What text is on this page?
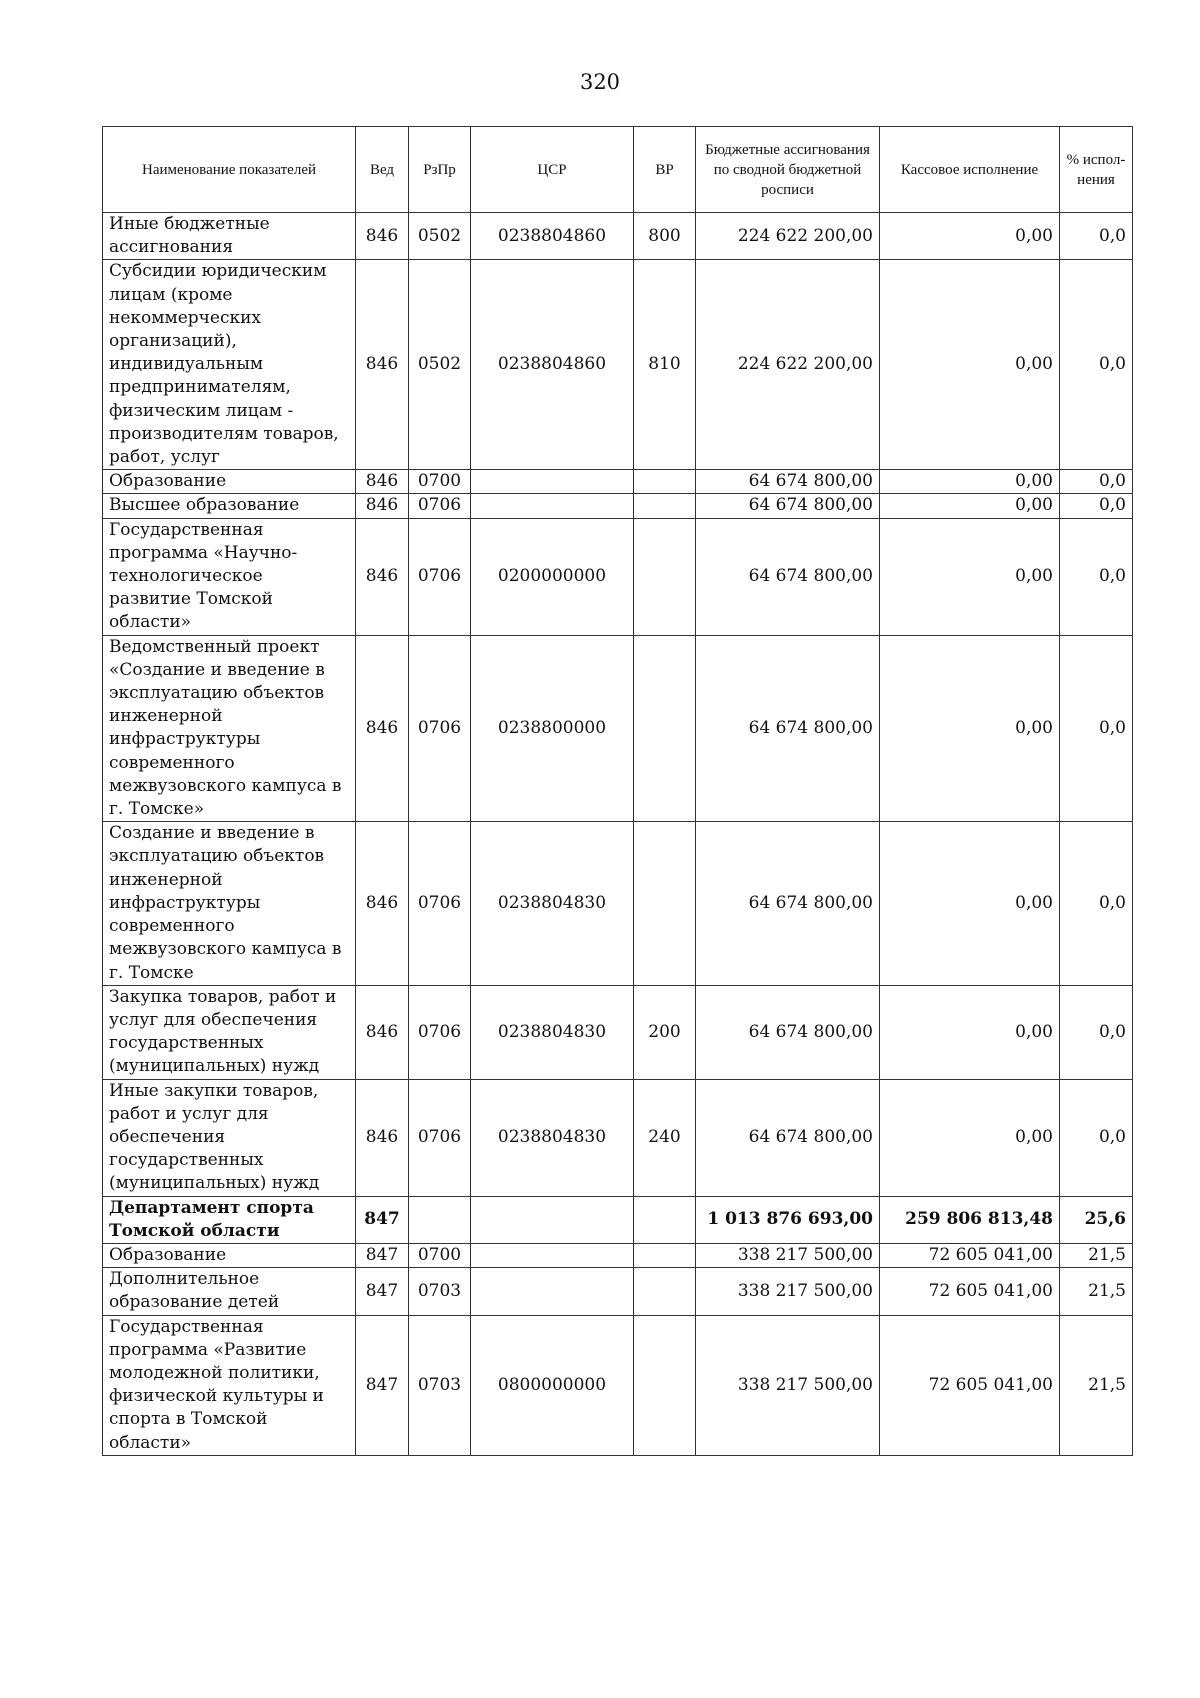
320
Наименование показателей	Вед	РзПр	ЦСР	ВР	Бюджетные ассигнования по сводной бюджетной росписи	Кассовое исполнение	% испол-нения
Иные бюджетные ассигнования	846	0502	0238804860	800	224 622 200,00	0,00	0,0
Субсидии юридическим лицам (кроме некоммерческих организаций), индивидуальным предпринимателям, физическим лицам - производителям товаров, работ, услуг	846	0502	0238804860	810	224 622 200,00	0,00	0,0
Образование	846	0700			64 674 800,00	0,00	0,0
Высшее образование	846	0706			64 674 800,00	0,00	0,0
Государственная программа «Научно-технологическое развитие Томской области»	846	0706	0200000000		64 674 800,00	0,00	0,0
Ведомственный проект «Создание и введение в эксплуатацию объектов инженерной инфраструктуры современного межвузовского кампуса в г. Томске»	846	0706	0238800000		64 674 800,00	0,00	0,0
Создание и введение в эксплуатацию объектов инженерной инфраструктуры современного межвузовского кампуса в г. Томске	846	0706	0238804830		64 674 800,00	0,00	0,0
Закупка товаров, работ и услуг для обеспечения государственных (муниципальных) нужд	846	0706	0238804830	200	64 674 800,00	0,00	0,0
Иные закупки товаров, работ и услуг для обеспечения государственных (муниципальных) нужд	846	0706	0238804830	240	64 674 800,00	0,00	0,0
Департамент спорта Томской области	847				1 013 876 693,00	259 806 813,48	25,6
Образование	847	0700			338 217 500,00	72 605 041,00	21,5
Дополнительное образование детей	847	0703			338 217 500,00	72 605 041,00	21,5
Государственная программа «Развитие молодежной политики, физической культуры и спорта в Томской области»	847	0703	0800000000		338 217 500,00	72 605 041,00	21,5
